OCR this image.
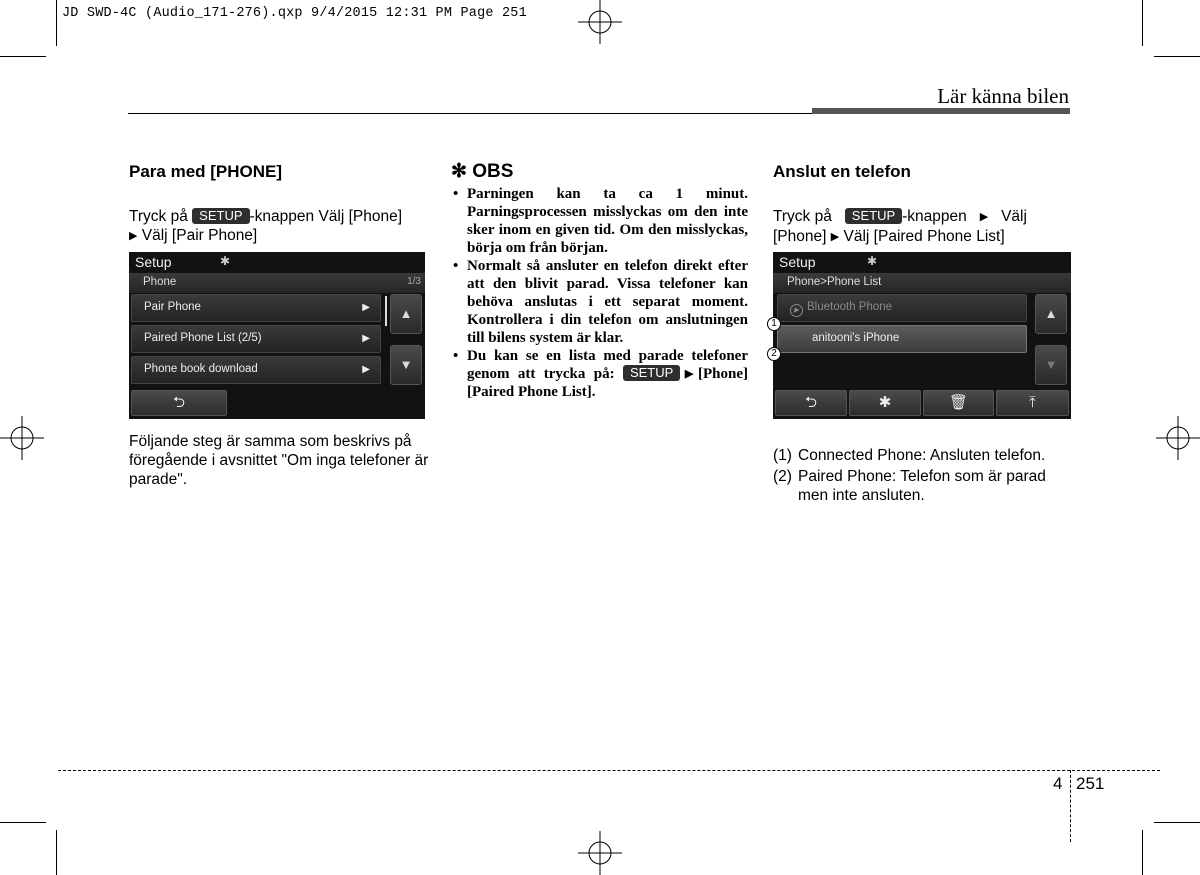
JD SWD-4C (Audio_171-276).qxp 9/4/2015 12:31 PM Page 251
Lär känna bilen
Para med [PHONE]
Tryck på SETUP -knappen Välj [Phone]
▶ Välj [Pair Phone]
Setup	✱
Phone	1/3
Pair Phone	▶
Paired Phone List (2/5)	▶
Phone book download	▶
▲
▼
⮌
Följande steg är samma som beskrivs på föregående i avsnittet "Om inga telefoner är parade".
✻ OBS
• Parningen kan ta ca 1 minut. Parningsprocessen misslyckas om den inte sker inom en given tid. Om den misslyckas, börja om från början.
• Normalt så ansluter en telefon direkt efter att den blivit parad. Vissa telefoner kan behöva anslutas i ett separat moment. Kontrollera i din telefon om anslutningen till bilens system är klar.
• Du kan se en lista med parade telefoner genom att trycka på: SETUP ▶[Phone] [Paired Phone List].
Anslut en telefon
Tryck på SETUP -knappen ▶ Välj
[Phone] ▶ Välj [Paired Phone List]
Setup	✱
Phone>Phone List
▶ Bluetooth Phone
anitooni's iPhone
▲
▼
⮌	✱	🗑	⤒
1
2
(1) Connected Phone: Ansluten telefon.
(2) Paired Phone: Telefon som är parad men inte ansluten.
4 251
